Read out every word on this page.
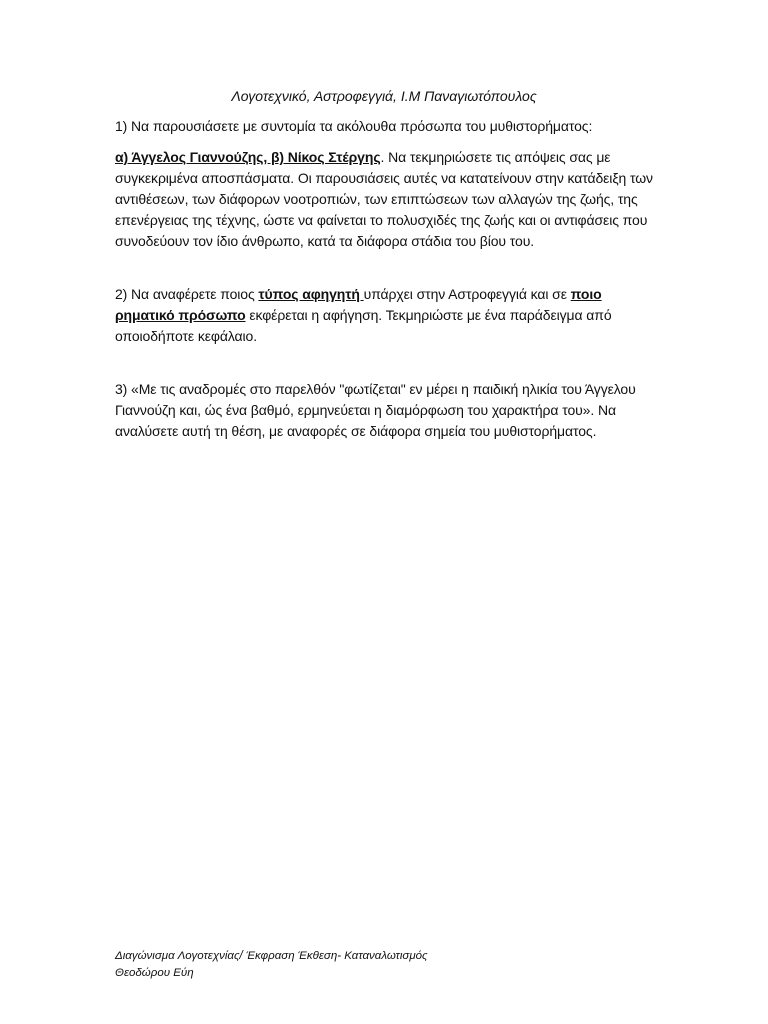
Λογοτεχνικό, Αστροφεγγιά, Ι.Μ Παναγιωτόπουλος

1) Να παρουσιάσετε με συντομία τα ακόλουθα πρόσωπα του μυθιστορήματος:

α) Άγγελος Γιαννούζης, β) Νίκος Στέργης. Να τεκμηριώσετε τις απόψεις σας με συγκεκριμένα αποσπάσματα. Οι παρουσιάσεις αυτές να κατατείνουν στην κατάδειξη των αντιθέσεων, των διάφορων νοοτροπιών, των επιπτώσεων των αλλαγών της ζωής, της επενέργειας της τέχνης, ώστε να φαίνεται το πολυσχιδές της ζωής και οι αντιφάσεις που συνοδεύουν τον ίδιο άνθρωπο, κατά τα διάφορα στάδια του βίου του.

2) Να αναφέρετε ποιος τύπος αφηγητή υπάρχει στην Αστροφεγγιά και σε ποιο ρηματικό πρόσωπο εκφέρεται η αφήγηση. Τεκμηριώστε με ένα παράδειγμα από οποιοδήποτε κεφάλαιο.

3) «Με τις αναδρομές στο παρελθόν "φωτίζεται" εν μέρει η παιδική ηλικία του Άγγελου Γιαννούζη και, ώς ένα βαθμό, ερμηνεύεται η διαμόρφωση του χαρακτήρα του». Να αναλύσετε αυτή τη θέση, με αναφορές σε διάφορα σημεία του μυθιστορήματος.

Διαγώνισμα Λογοτεχνίας/ Έκφραση Έκθεση- Καταναλωτισμός
Θεοδώρου Εύη
